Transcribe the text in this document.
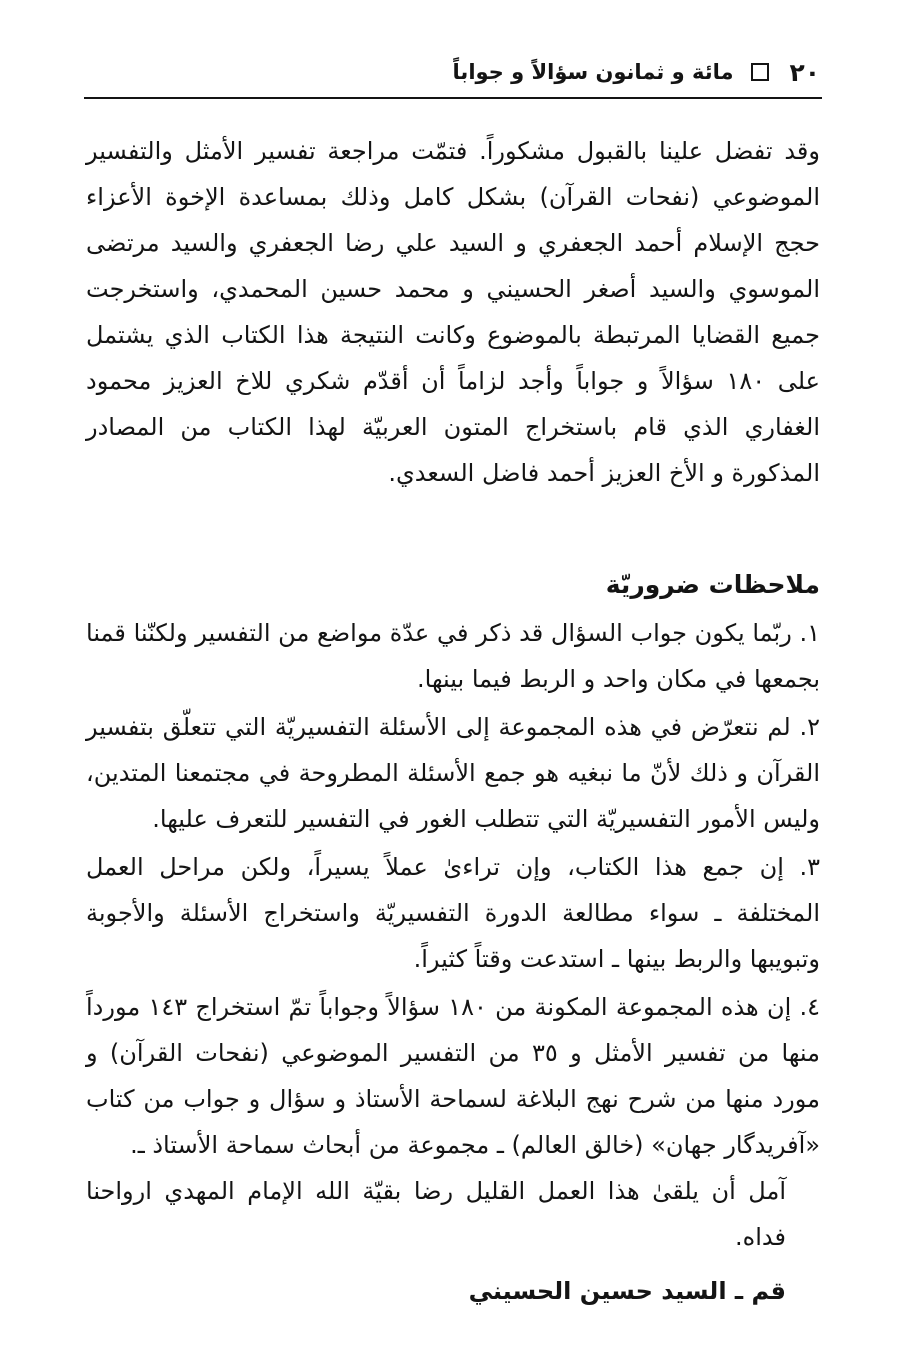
٢٠
مائة و ثمانون سؤالاً و جواباً

وقد تفضل علينا بالقبول مشكوراً. فتمّت مراجعة تفسير الأمثل والتفسير الموضوعي (نفحات القرآن) بشكل كامل وذلك بمساعدة الإخوة الأعزاء حجج الإسلام أحمد الجعفري و السيد علي رضا الجعفري والسيد مرتضى الموسوي والسيد أصغر الحسيني و محمد حسين المحمدي، واستخرجت جميع القضايا المرتبطة بالموضوع وكانت النتيجة هذا الكتاب الذي يشتمل على ١٨٠ سؤالاً و جواباً وأجد لزاماً أن أقدّم شكري للاخ العزيز محمود الغفاري الذي قام باستخراج المتون العربيّة لهذا الكتاب من المصادر المذكورة و الأخ العزيز أحمد فاضل السعدي.

ملاحظات ضروريّة

١. ربّما يكون جواب السؤال قد ذكر في عدّة مواضع من التفسير ولكنّنا قمنا بجمعها في مكان واحد و الربط فيما بينها.

٢. لم نتعرّض في هذه المجموعة إلى الأسئلة التفسيريّة التي تتعلّق بتفسير القرآن و ذلك لأنّ ما نبغيه هو جمع الأسئلة المطروحة في مجتمعنا المتدين، وليس الأمور التفسيريّة التي تتطلب الغور في التفسير للتعرف عليها.

٣. إن جمع هذا الكتاب، وإن تراءىٰ عملاً يسيراً، ولكن مراحل العمل المختلفة ـ سواء مطالعة الدورة التفسيريّة واستخراج الأسئلة والأجوبة وتبويبها والربط بينها ـ استدعت وقتاً كثيراً.

٤. إن هذه المجموعة المكونة من ١٨٠ سؤالاً وجواباً تمّ استخراج ١٤٣ مورداً منها من تفسير الأمثل و ٣٥ من التفسير الموضوعي (نفحات القرآن) و مورد منها من شرح نهج البلاغة لسماحة الأستاذ و سؤال و جواب من كتاب «آفريدگار جهان» (خالق العالم) ـ مجموعة من أبحاث سماحة الأستاذ ـ.

آمل أن يلقىٰ هذا العمل القليل رضا بقيّة الله الإمام المهدي ارواحنا فداه.

قم ـ السيد حسين الحسيني
